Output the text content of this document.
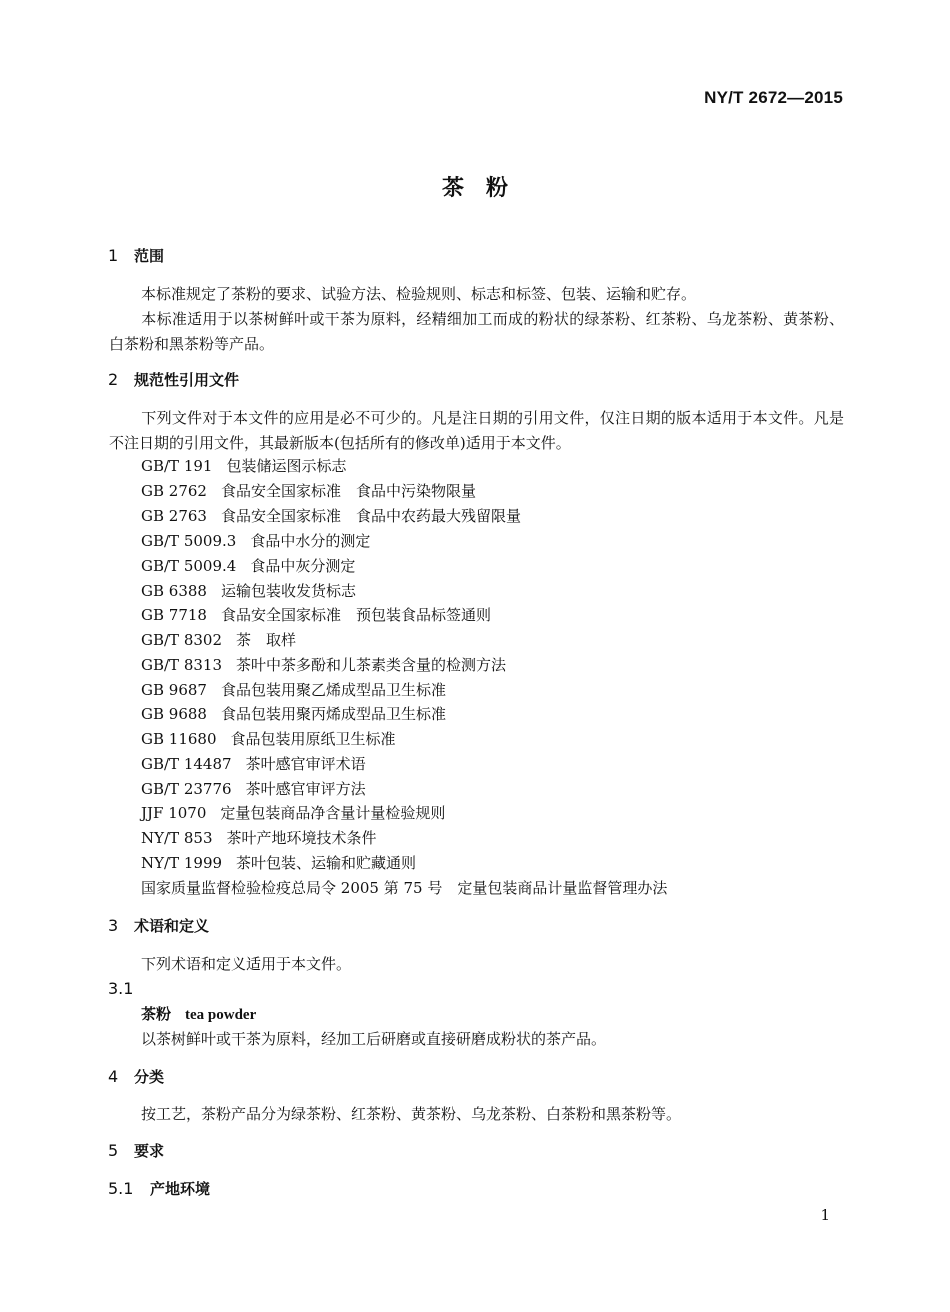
NY/T 2672—2015
茶　粉
1 范围
本标准规定了茶粉的要求、试验方法、检验规则、标志和标签、包装、运输和贮存。
本标准适用于以茶树鲜叶或干茶为原料，经精细加工而成的粉状的绿茶粉、红茶粉、乌龙茶粉、黄茶粉、白茶粉和黑茶粉等产品。
2 规范性引用文件
下列文件对于本文件的应用是必不可少的。凡是注日期的引用文件，仅注日期的版本适用于本文件。凡是不注日期的引用文件，其最新版本(包括所有的修改单)适用于本文件。
GB/T 191 包装储运图示标志
GB 2762 食品安全国家标准　食品中污染物限量
GB 2763 食品安全国家标准　食品中农药最大残留限量
GB/T 5009.3 食品中水分的测定
GB/T 5009.4 食品中灰分测定
GB 6388 运输包装收发货标志
GB 7718 食品安全国家标准　预包装食品标签通则
GB/T 8302 茶　取样
GB/T 8313 茶叶中茶多酚和儿茶素类含量的检测方法
GB 9687 食品包装用聚乙烯成型品卫生标准
GB 9688 食品包装用聚丙烯成型品卫生标准
GB 11680 食品包装用原纸卫生标准
GB/T 14487 茶叶感官审评术语
GB/T 23776 茶叶感官审评方法
JJF 1070 定量包装商品净含量计量检验规则
NY/T 853 茶叶产地环境技术条件
NY/T 1999 茶叶包装、运输和贮藏通则
国家质量监督检验检疫总局令 2005 第 75 号　定量包装商品计量监督管理办法
3 术语和定义
下列术语和定义适用于本文件。
3.1
茶粉 tea powder
以茶树鲜叶或干茶为原料，经加工后研磨或直接研磨成粉状的茶产品。
4 分类
按工艺，茶粉产品分为绿茶粉、红茶粉、黄茶粉、乌龙茶粉、白茶粉和黑茶粉等。
5 要求
5.1 产地环境
1
